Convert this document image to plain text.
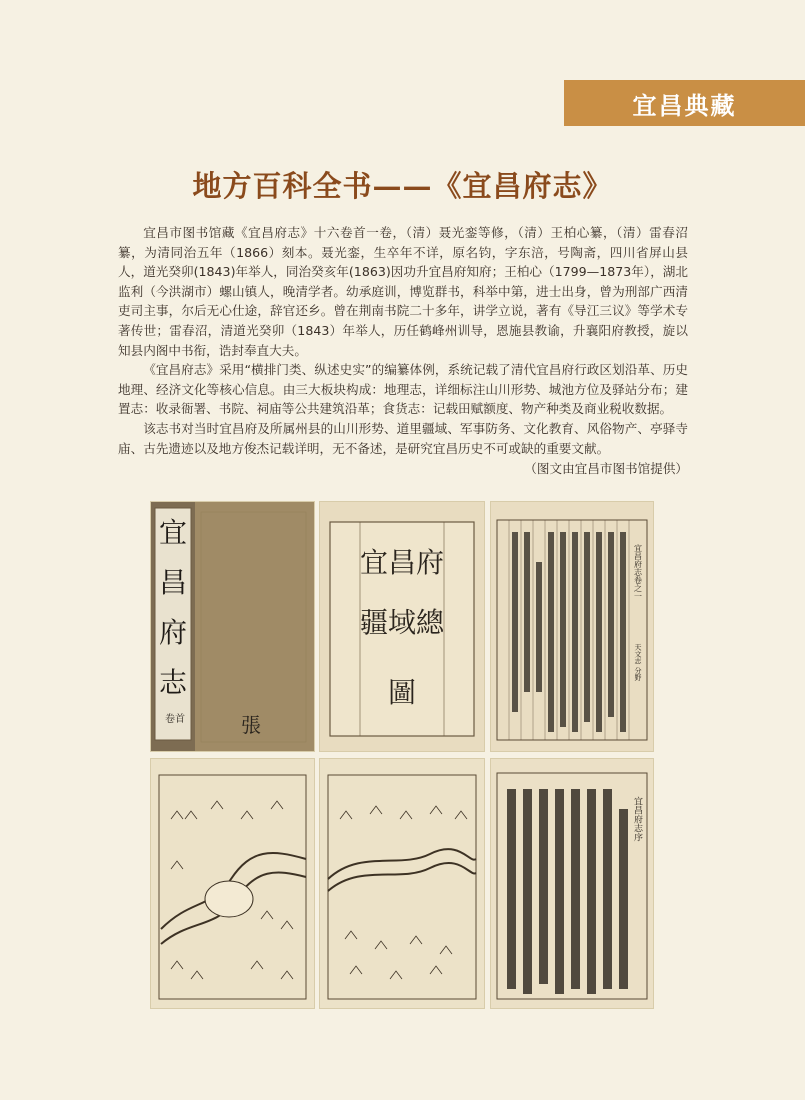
宜昌典藏
地方百科全书——《宜昌府志》

宜昌市图书馆藏《宜昌府志》十六卷首一卷，（清）聂光銮等修，（清）王柏心纂，（清）雷春沼纂，为清同治五年（1866）刻本。聂光銮，生卒年不详，原名钧，字东涪，号陶斋，四川省屏山县人，道光癸卯(1843)年举人，同治癸亥年(1863)因功升宜昌府知府；王柏心（1799—1873年），湖北监利（今洪湖市）螺山镇人，晚清学者。幼承庭训，博览群书，科举中第，进士出身，曾为刑部广西清吏司主事，尔后无心仕途，辞官还乡。曾在荆南书院二十多年，讲学立说，著有《导江三议》等学术专著传世；雷春沼，清道光癸卯（1843）年举人，历任鹤峰州训导，恩施县教谕，升襄阳府教授，旋以知县内阁中书衔，诰封奉直大夫。

《宜昌府志》采用“横排门类、纵述史实”的编纂体例，系统记载了清代宜昌府行政区划沿革、历史地理、经济文化等核心信息。由三大板块构成：地理志，详细标注山川形势、城池方位及驿站分布；建置志：收录衙署、书院、祠庙等公共建筑沿革；食货志：记载田赋额度、物产种类及商业税收数据。

该志书对当时宜昌府及所属州县的山川形势、道里疆域、军事防务、文化教育、风俗物产、亭驿寺庙、古先遗迹以及地方俊杰记载详明，无不备述，是研究宜昌历史不可或缺的重要文献。

（图文由宜昌市图书馆提供）
宜
昌
府
志
卷首	張
宜昌府
疆域總
圖
宜昌府志卷之一
天文志 分野
宜昌府志序
